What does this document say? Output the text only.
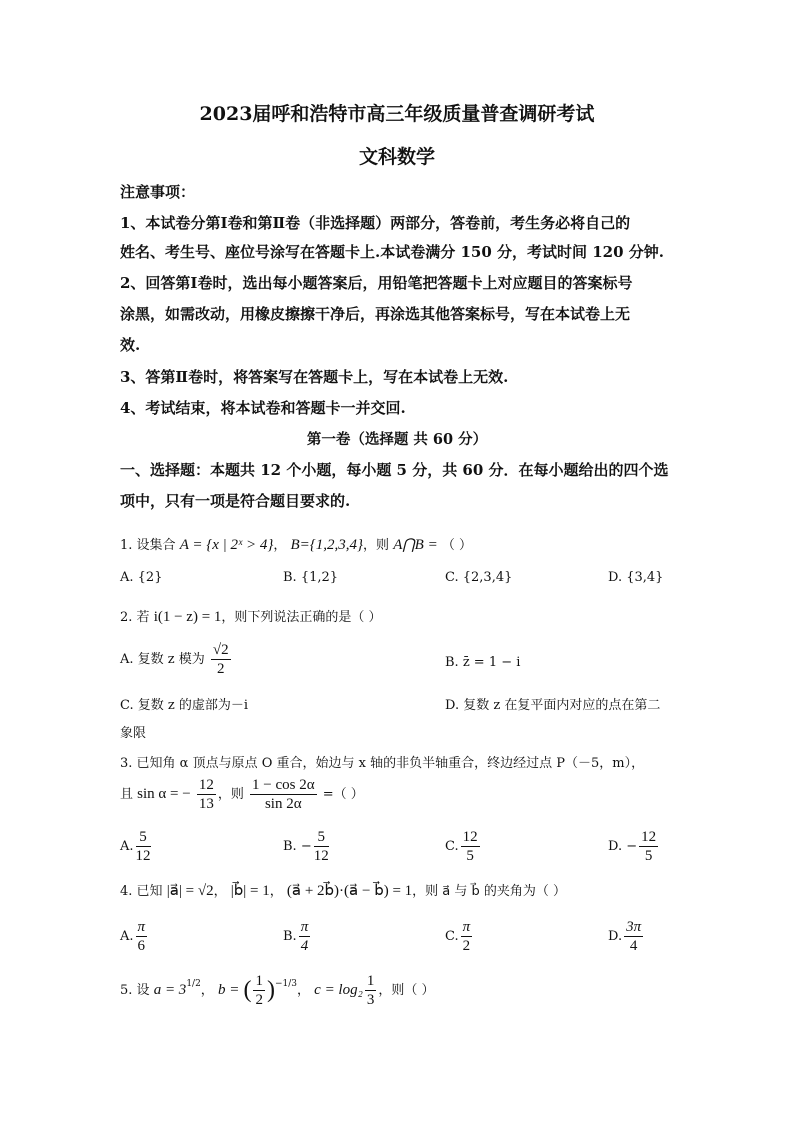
2023届呼和浩特市高三年级质量普查调研考试
文科数学
注意事项：
1、本试卷分第Ⅰ卷和第Ⅱ卷（非选择题）两部分，答卷前，考生务必将自己的
姓名、考生号、座位号涂写在答题卡上.本试卷满分 150 分，考试时间 120 分钟.
2、回答第Ⅰ卷时，选出每小题答案后，用铅笔把答题卡上对应题目的答案标号
涂黑，如需改动，用橡皮擦擦干净后，再涂选其他答案标号，写在本试卷上无
效.
3、答第Ⅱ卷时，将答案写在答题卡上，写在本试卷上无效.
4、考试结束，将本试卷和答题卡一并交回.
第一卷（选择题 共 60 分）
一、选择题：本题共 12 个小题，每小题 5 分，共 60 分．在每小题给出的四个选
项中，只有一项是符合题目要求的.
1. 设集合 A = {x | 2ˣ > 4}， B={1,2,3,4}，则 A⋂B = （ ）
A. {2}	B. {1,2}	C. {2,3,4}	D. {3,4}
2. 若 i(1 − z) = 1，则下列说法正确的是（ ）
A. 复数 z 模为 $\frac{√2}{2}$	B. z̄ = 1 − i
C. 复数 z 的虚部为－i	D. 复数 z 在复平面内对应的点在第二
象限
3. 已知角 α 顶点与原点 O 重合，始边与 x 轴的非负半轴重合，终边经过点 P（－5，m），
且 sin α = − $\frac{12}{13}$ ，则 $\frac{1 - \cos 2\alpha}{\sin 2\alpha}$ =（ ）
A. $\frac{5}{12}$	B. − $\frac{5}{12}$	C. $\frac{12}{5}$	D. − $\frac{12}{5}$
4. 已知 |a⃗| = √2， |b⃗| = 1， (a⃗ + 2b⃗)·(a⃗ − b⃗) = 1，则 a⃗ 与 b⃗ 的夹角为（ ）
A. $\frac{\pi}{6}$	B. $\frac{\pi}{4}$	C. $\frac{\pi}{2}$	D. $\frac{3\pi}{4}$
5. 设 $a = 3^{1/2}$， b = ( $\frac{1}{2} )^{-1/3}$， $c = \log_2 \frac{1}{3}$ ，则（ ）
